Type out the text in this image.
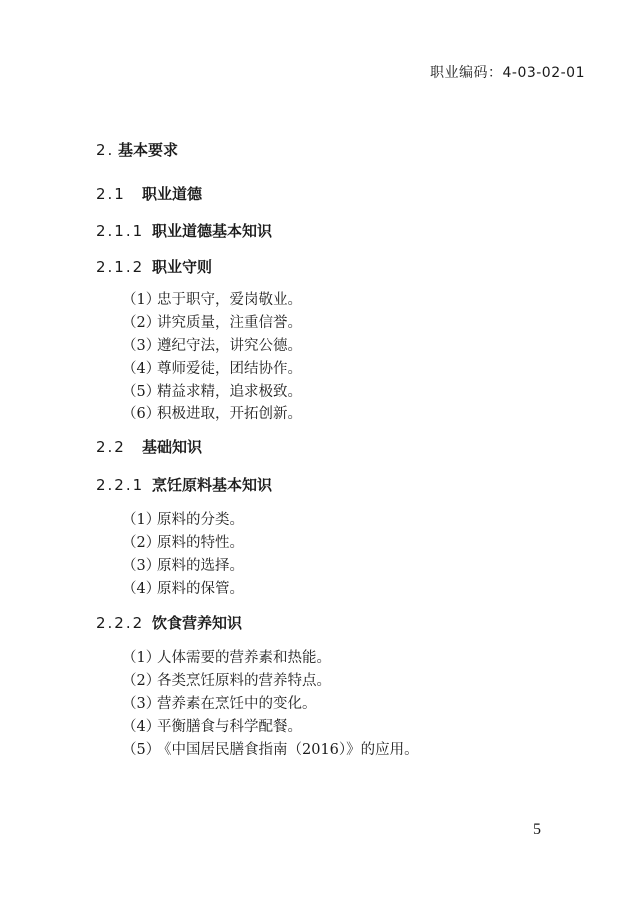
职业编码：4-03-02-01
2. 基本要求
2.1 职业道德
2.1.1 职业道德基本知识
2.1.2 职业守则
（1）忠于职守，爱岗敬业。
（2）讲究质量，注重信誉。
（3）遵纪守法，讲究公德。
（4）尊师爱徒，团结协作。
（5）精益求精，追求极致。
（6）积极进取，开拓创新。
2.2 基础知识
2.2.1 烹饪原料基本知识
（1）原料的分类。
（2）原料的特性。
（3）原料的选择。
（4）原料的保管。
2.2.2 饮食营养知识
（1）人体需要的营养素和热能。
（2）各类烹饪原料的营养特点。
（3）营养素在烹饪中的变化。
（4）平衡膳食与科学配餐。
（5）《中国居民膳食指南（2016）》的应用。
5
